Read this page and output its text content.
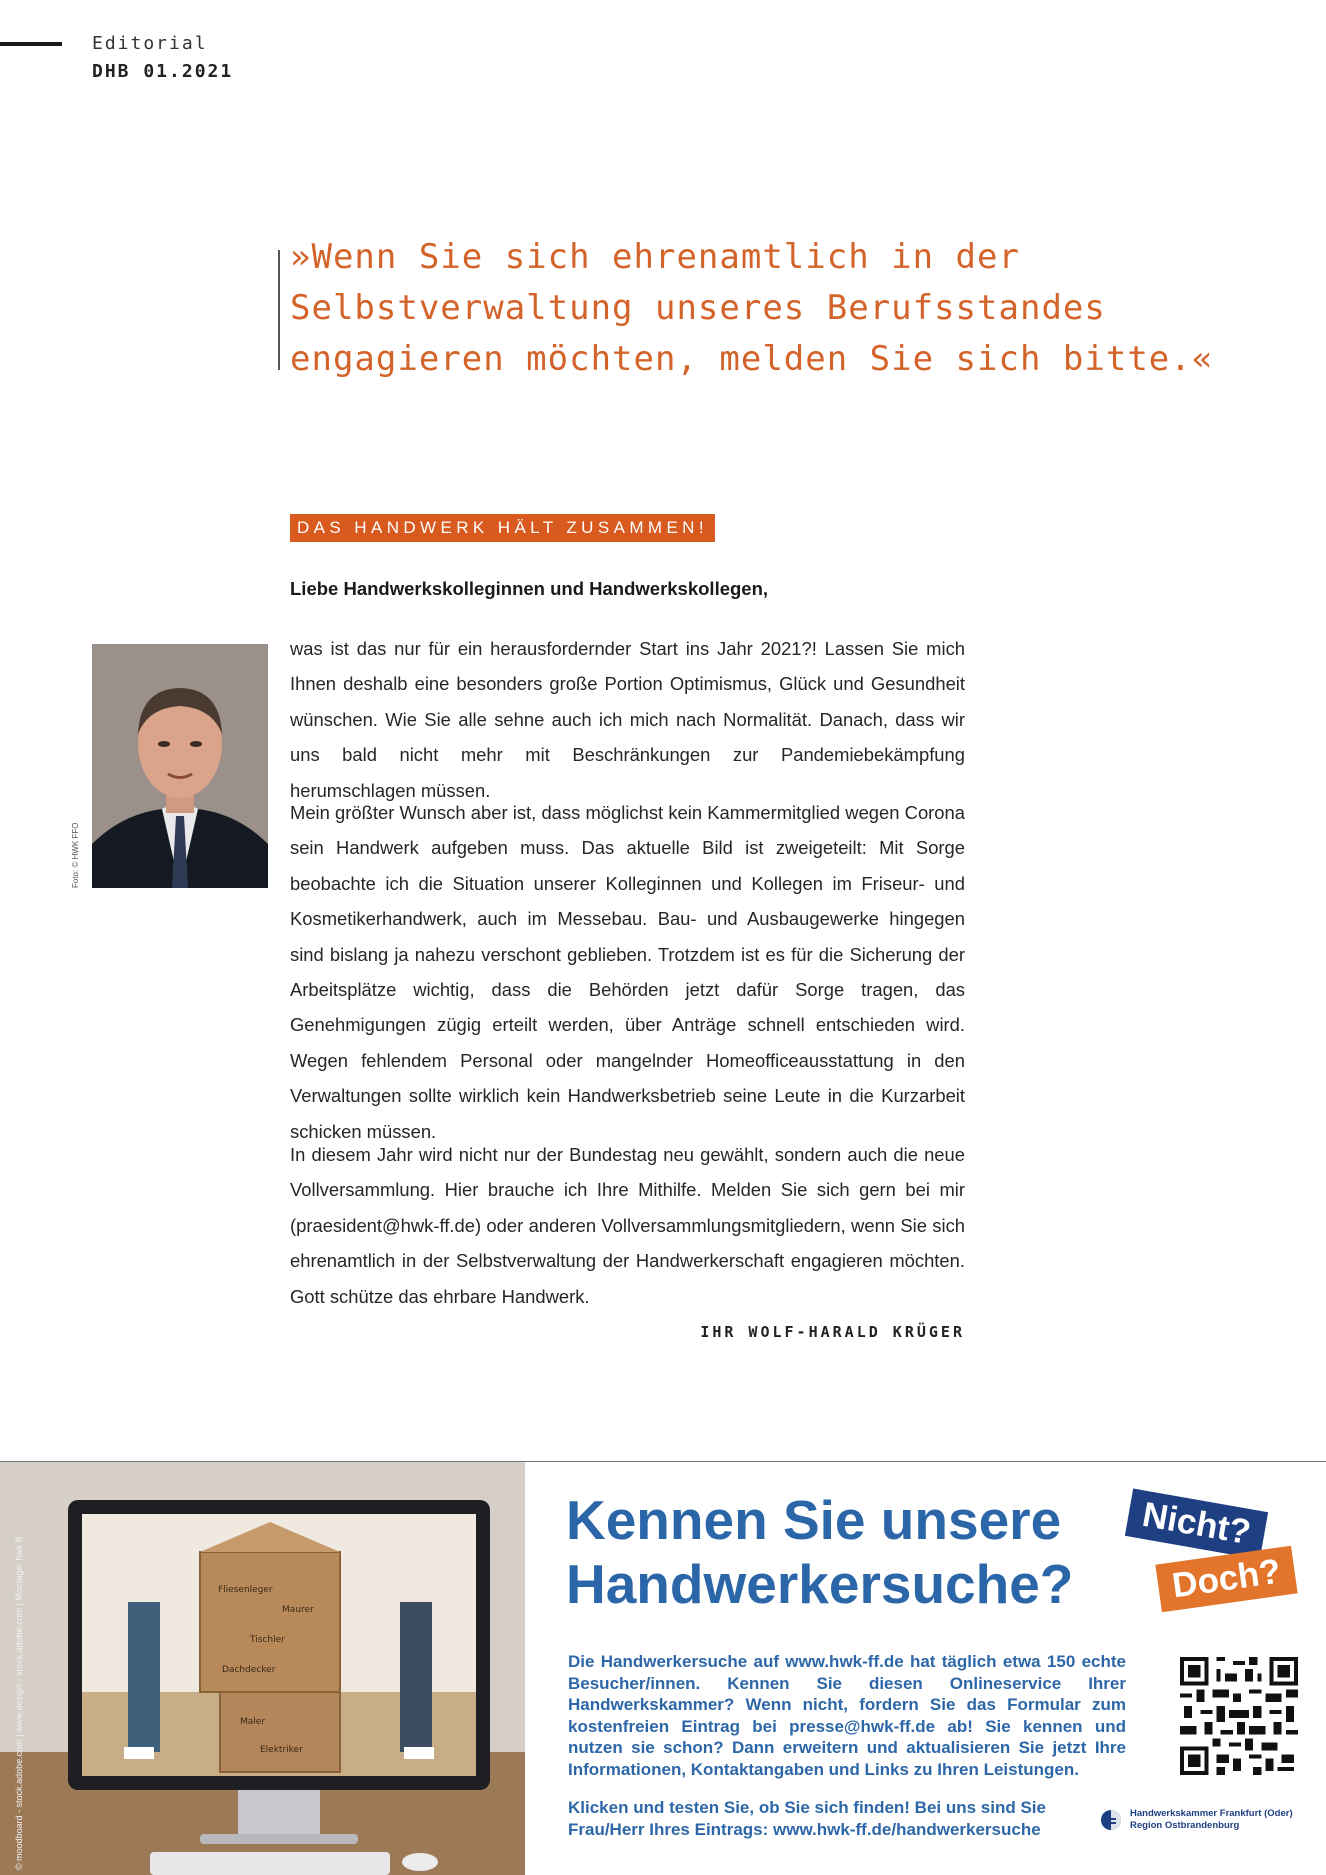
Editorial
DHB 01.2021
»Wenn Sie sich ehrenamtlich in der
Selbstverwaltung unseres Berufsstandes
engagieren möchten, melden Sie sich bitte.«
DAS HANDWERK HÄLT ZUSAMMEN!
Liebe Handwerkskolleginnen und Handwerkskollegen,
Foto: © HWK FFO
was ist das nur für ein herausfordernder Start ins Jahr 2021?! Lassen Sie mich Ihnen deshalb eine besonders große Portion Optimismus, Glück und Gesundheit wünschen. Wie Sie alle sehne auch ich mich nach Normalität. Danach, dass wir uns bald nicht mehr mit Beschränkungen zur Pandemiebekämpfung herumschlagen müssen.
Mein größter Wunsch aber ist, dass möglichst kein Kammermitglied wegen Corona sein Handwerk aufgeben muss. Das aktuelle Bild ist zweigeteilt: Mit Sorge beobachte ich die Situation unserer Kolleginnen und Kollegen im Friseur- und Kosmetikerhandwerk, auch im Messebau. Bau- und Ausbaugewerke hingegen sind bislang ja nahezu verschont geblieben. Trotzdem ist es für die Sicherung der Arbeitsplätze wichtig, dass die Behörden jetzt dafür Sorge tragen, das Genehmigungen zügig erteilt werden, über Anträge schnell entschieden wird. Wegen fehlendem Personal oder mangelnder Homeofficeausstattung in den Verwaltungen sollte wirklich kein Handwerksbetrieb seine Leute in die Kurzarbeit schicken müssen.
In diesem Jahr wird nicht nur der Bundestag neu gewählt, sondern auch die neue Vollversammlung. Hier brauche ich Ihre Mithilfe. Melden Sie sich gern bei mir (praesident@hwk-ff.de) oder anderen Vollversammlungsmitgliedern, wenn Sie sich ehrenamtlich in der Selbstverwaltung der Handwerkerschaft engagieren möchten. Gott schütze das ehrbare Handwerk.
IHR WOLF-HARALD KRÜGER
Fliesenleger
Maurer
Tischler
Dachdecker
Maler
Elektriker
© moodboard - stock.adobe.com | www.dezign - stock.adobe.com | Montage: hwk ff
Kennen Sie unsere
Handwerkersuche?
Nicht?
Doch?
Die Handwerkersuche auf www.hwk-ff.de hat täglich etwa 150 echte Besucher/innen. Kennen Sie diesen Onlineservice Ihrer Handwerkskammer? Wenn nicht, fordern Sie das Formular zum kostenfreien Eintrag bei presse@hwk-ff.de ab! Sie kennen und nutzen sie schon? Dann erweitern und aktualisieren Sie jetzt Ihre Informationen, Kontaktangaben und Links zu Ihren Leistungen.
Klicken und testen Sie, ob Sie sich finden! Bei uns sind Sie
Frau/Herr Ihres Eintrags: www.hwk-ff.de/handwerkersuche
Handwerkskammer Frankfurt (Oder)
Region Ostbrandenburg
